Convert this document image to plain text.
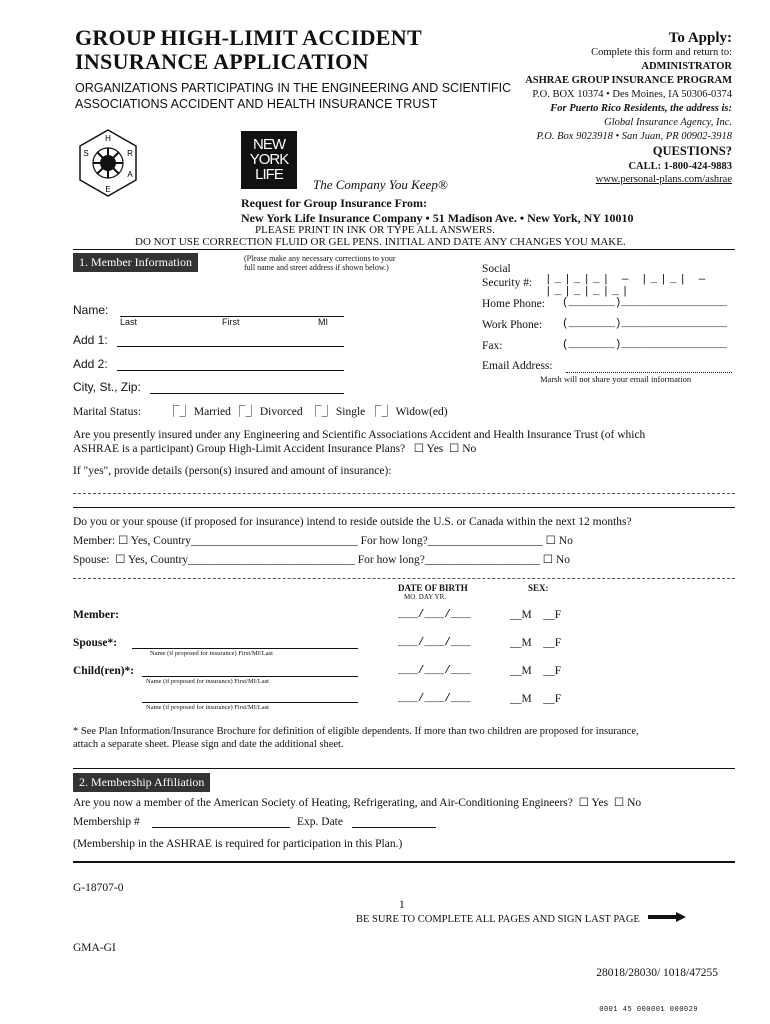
GROUP HIGH-LIMIT ACCIDENT
INSURANCE APPLICATION
ORGANIZATIONS PARTICIPATING IN THE ENGINEERING AND SCIENTIFIC
ASSOCIATIONS ACCIDENT AND HEALTH INSURANCE TRUST
To Apply:
Complete this form and return to:
ADMINISTRATOR
ASHRAE GROUP INSURANCE PROGRAM
P.O. BOX 10374 • Des Moines, IA 50306-0374
For Puerto Rico Residents, the address is:
Global Insurance Agency, Inc.
P.O. Box 9023918 • San Juan, PR 00902-3918
QUESTIONS?
CALL: 1-800-424-9883
www.personal-plans.com/ashrae
H
R
A
E
S
NEW
YORK
LIFE
The Company You Keep®
Request for Group Insurance From:
New York Life Insurance Company • 51 Madison Ave. • New York, NY 10010
PLEASE PRINT IN INK OR TYPE ALL ANSWERS.
DO NOT USE CORRECTION FLUID OR GEL PENS. INITIAL AND DATE ANY CHANGES YOU MAKE.
1. Member Information	(Please make any necessary corrections to your
full name and street address if shown below.)
Name:
Last	First	MI
Add 1:
Add 2:
City, St., Zip:
Social
Security #: |_|_|_| — |_|_| — |_|_|_|_|
Home Phone: (_______)________________
Work Phone: (_______)________________
Fax:	(_______)________________
Email Address:
Marsh will not share your email information
Marital Status: ⎾⏌ Married ⎾⏌ Divorced ⎾⏌ Single ⎾⏌ Widow(ed)
Are you presently insured under any Engineering and Scientific Associations Accident and Health Insurance Trust (of which
ASHRAE is a participant) Group High-Limit Accident Insurance Plans?   ☐ Yes  ☐ No
If "yes", provide details (person(s) insured and amount of insurance):
Do you or your spouse (if proposed for insurance) intend to reside outside the U.S. or Canada within the next 12 months?
Member: ☐ Yes, Country_____________________________ For how long?____________________ ☐ No
Spouse: ☐ Yes, Country_____________________________ For how long?____________________ ☐ No
DATE OF BIRTH
MO. DAY YR.
SEX:
Member:	___/___/___	__M    __F
Spouse*:
Name (if proposed for insurance) First/MI/Last
___/___/___	__M    __F
Child(ren)*:
Name (if proposed for insurance) First/MI/Last
___/___/___	__M    __F
Name (if proposed for insurance) First/MI/Last
___/___/___	__M    __F
* See Plan Information/Insurance Brochure for definition of eligible dependents. If more than two children are proposed for insurance,
attach a separate sheet. Please sign and date the additional sheet.
2. Membership Affiliation
Are you now a member of the American Society of Heating, Refrigerating, and Air-Conditioning Engineers?  ☐ Yes  ☐ No
Membership #	Exp. Date
(Membership in the ASHRAE is required for participation in this Plan.)
G-18707-0
1
BE SURE TO COMPLETE ALL PAGES AND SIGN LAST PAGE
GMA-GI
28018/28030/ 1018/47255
0001 45 000001 000029
